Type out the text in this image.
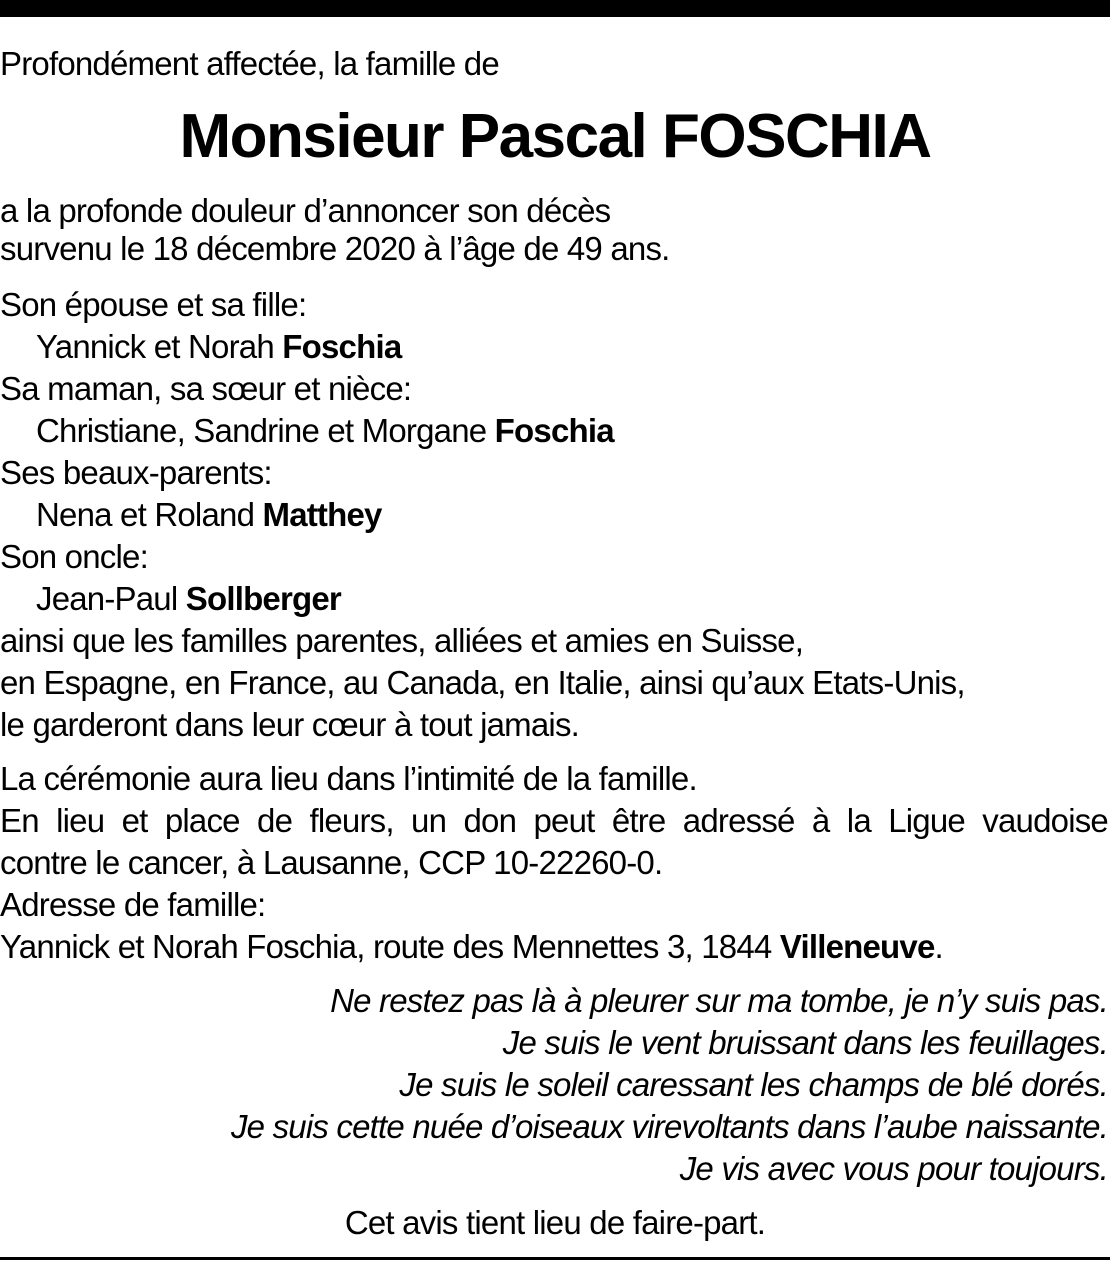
Profondément affectée, la famille de

Monsieur Pascal FOSCHIA

a la profonde douleur d’annoncer son décès

survenu le 18 décembre 2020 à l’âge de 49 ans.

Son épouse et sa fille:

Yannick et Norah Foschia

Sa maman, sa sœur et nièce:

Christiane, Sandrine et Morgane Foschia

Ses beaux-parents:

Nena et Roland Matthey

Son oncle:

Jean-Paul Sollberger

ainsi que les familles parentes, alliées et amies en Suisse,

en Espagne, en France, au Canada, en Italie, ainsi qu’aux Etats-Unis,

le garderont dans leur cœur à tout jamais.

La cérémonie aura lieu dans l’intimité de la famille.

En lieu et place de fleurs, un don peut être adressé à la Ligue vaudoise

contre le cancer, à Lausanne, CCP 10-22260-0.

Adresse de famille:

Yannick et Norah Foschia, route des Mennettes 3, 1844 Villeneuve.

Ne restez pas là à pleurer sur ma tombe, je n’y suis pas.

Je suis le vent bruissant dans les feuillages.

Je suis le soleil caressant les champs de blé dorés.

Je suis cette nuée d’oiseaux virevoltants dans l’aube naissante.

Je vis avec vous pour toujours.

Cet avis tient lieu de faire-part.
